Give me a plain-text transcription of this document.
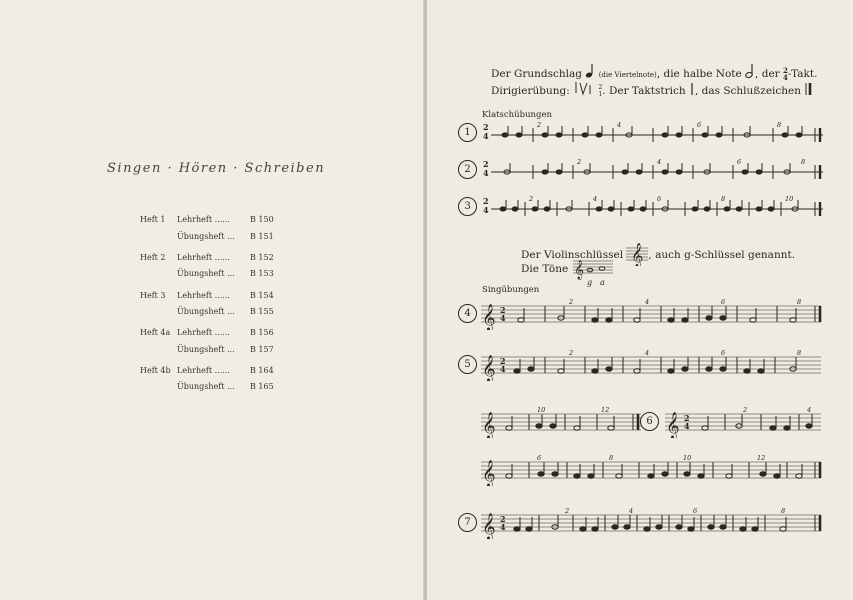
Singen · Hören · Schreiben
Heft 1 Lehrheft ......	B 150
Übungsheft ... B 151
Heft 2 Lehrheft ......	B 152
Übungsheft ... B 153
Heft 3 Lehrheft ......	B 154
Übungsheft ... B 155
Heft 4a Lehrheft ......	B 156
Übungsheft ... B 157
Heft 4b Lehrheft ......	B 164
Übungsheft ... B 165
Der Grundschlag (die Viertelnote), die halbe Note , der 2
4-Takt.
Dirigierübung:	2
1. Der Taktstrich , das Schlußzeichen
Klatschübungen
1
2
3
2
4
2	4	6	8
2
4
2	4	6	8
2
4
2	4	6	8	10
Der Violinschlüssel 𝄞 , auch g-Schlüssel genannt.
Die Töne 𝄞
g a
Singübungen
4 𝄞 2
4
2	4	6	8
5 𝄞 2
4
2	4	6	8
𝄞	𝄞 2
4
10	12	2	4
6
𝄞
6	8	10	12
7 𝄞 2
4
2	4	6	8
